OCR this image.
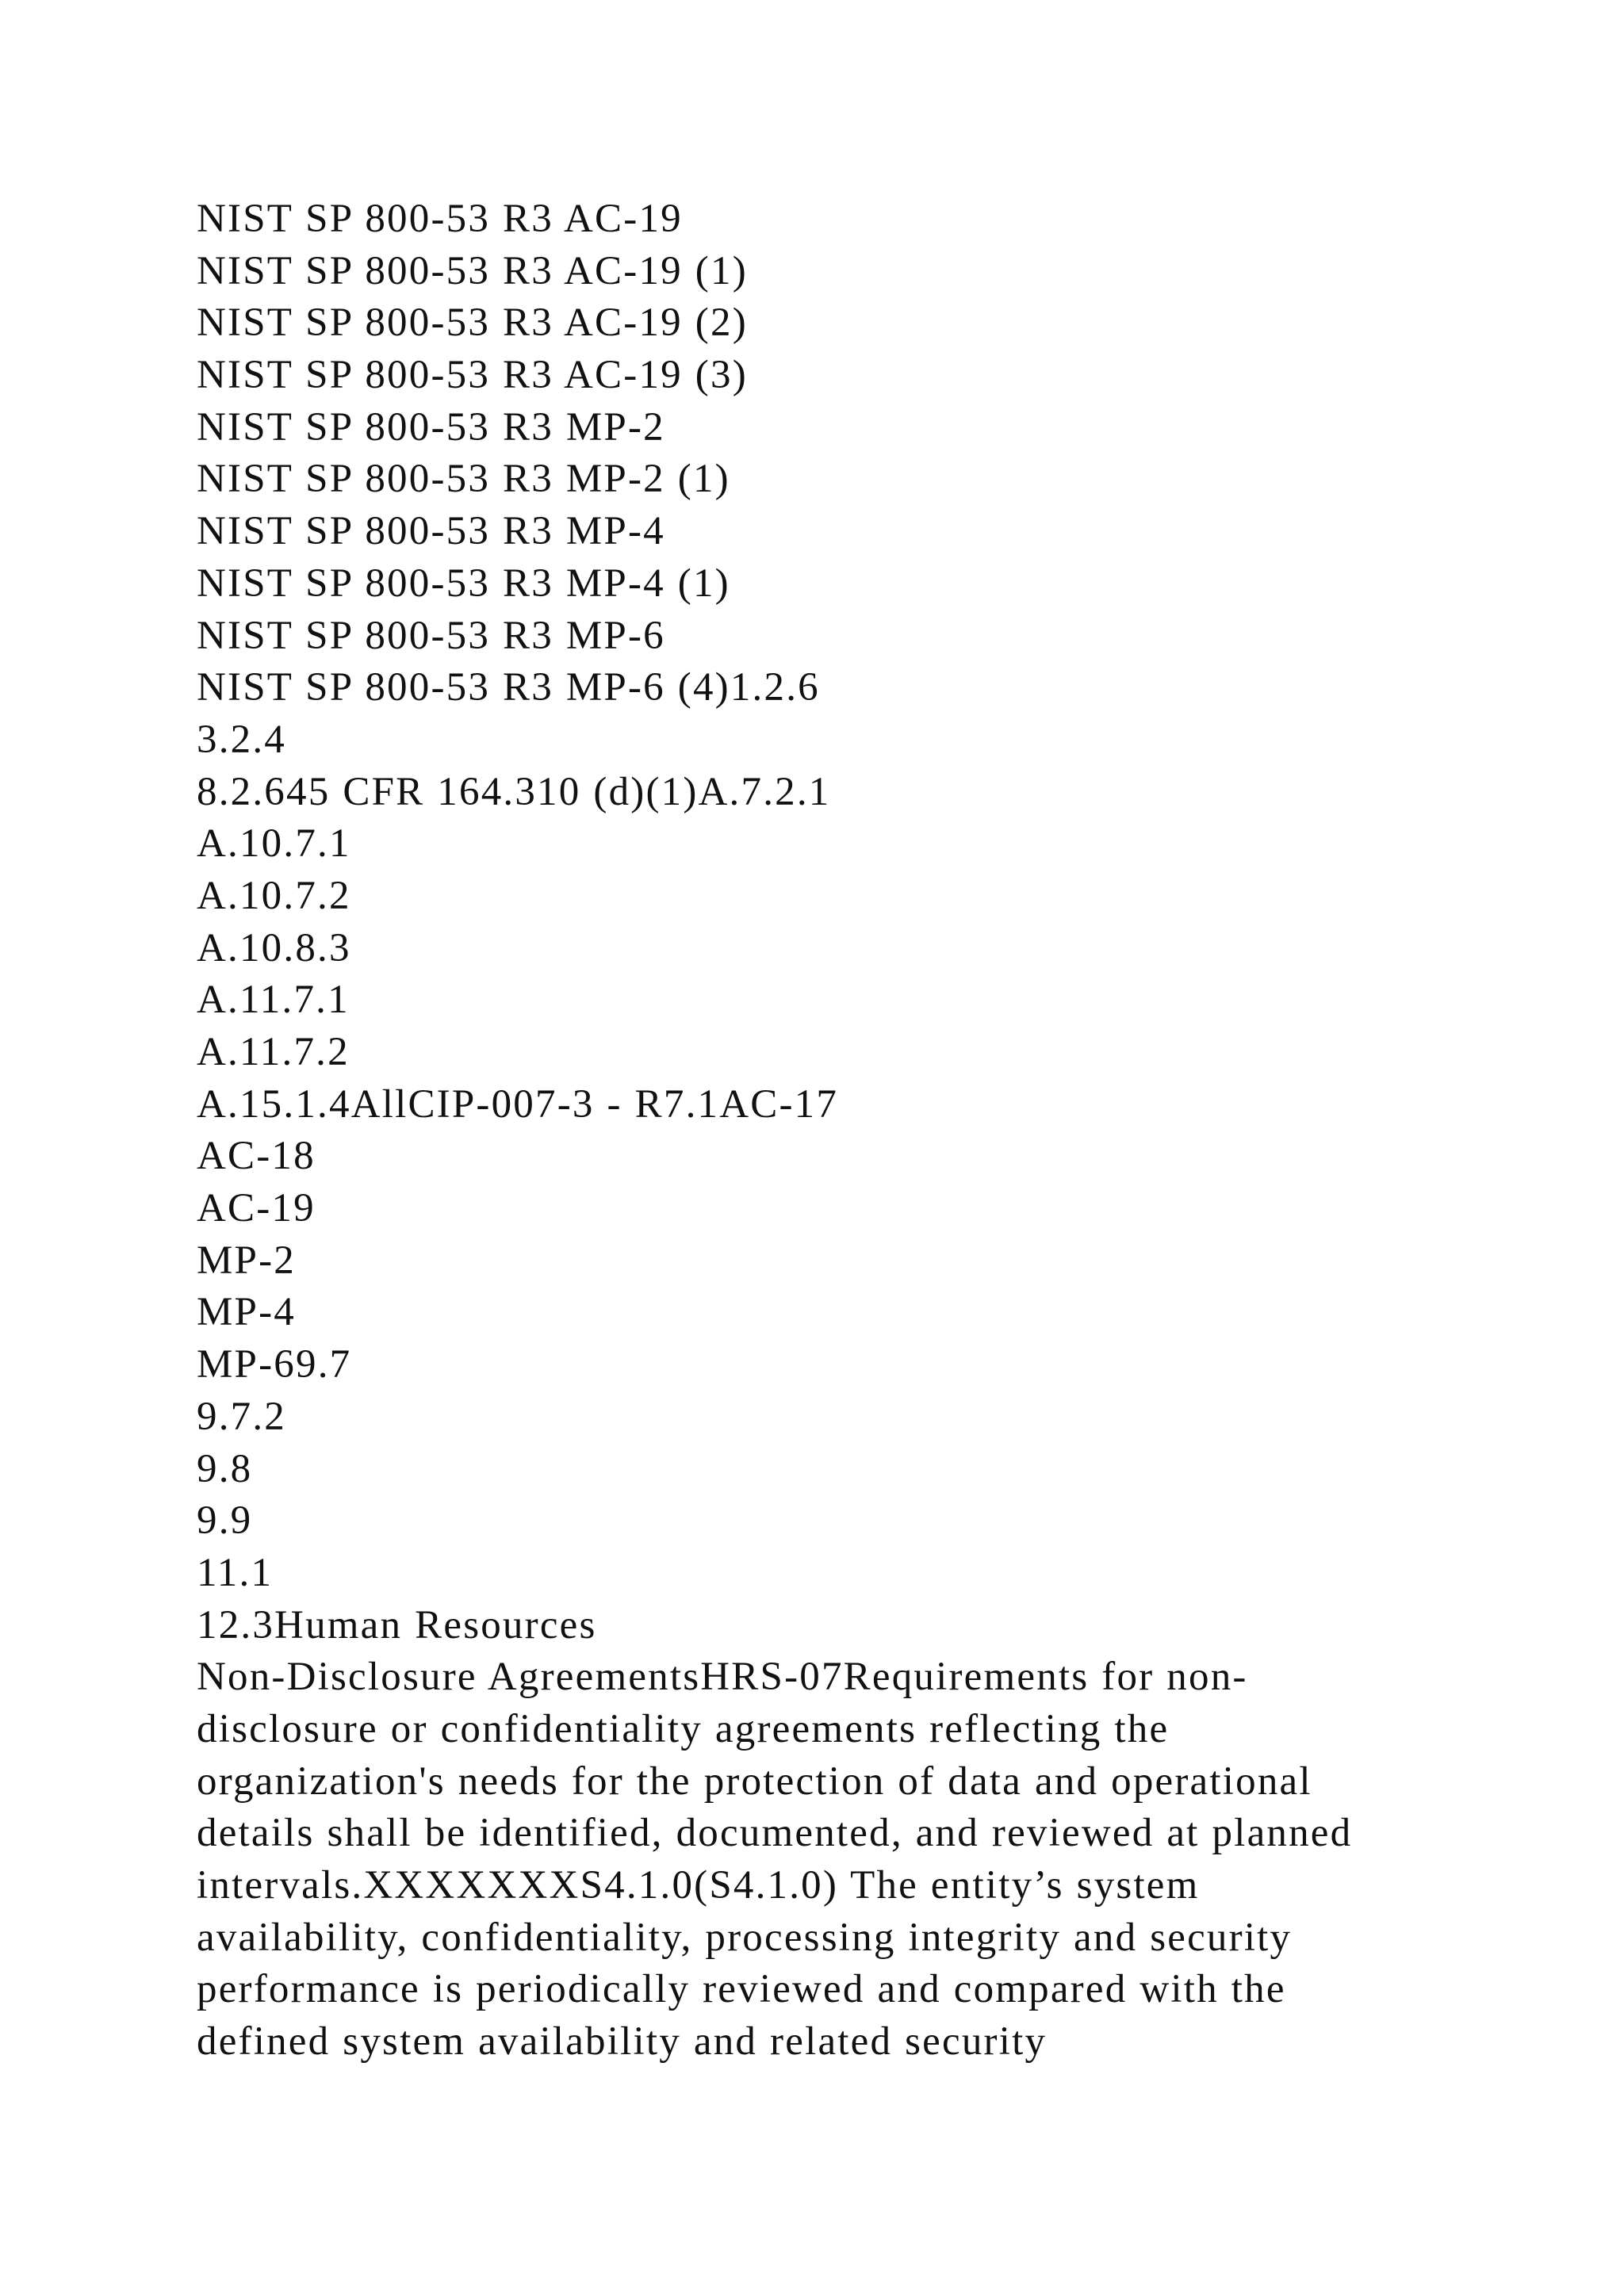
NIST SP 800-53 R3 AC-19
NIST SP 800-53 R3 AC-19 (1)
NIST SP 800-53 R3 AC-19 (2)
NIST SP 800-53 R3 AC-19 (3)
NIST SP 800-53 R3 MP-2
NIST SP 800-53 R3 MP-2 (1)
NIST SP 800-53 R3 MP-4
NIST SP 800-53 R3 MP-4 (1)
NIST SP 800-53 R3 MP-6
NIST SP 800-53 R3 MP-6 (4)1.2.6
3.2.4
8.2.645 CFR 164.310 (d)(1)A.7.2.1
A.10.7.1
A.10.7.2
A.10.8.3
A.11.7.1
A.11.7.2
A.15.1.4AllCIP-007-3 - R7.1AC-17
AC-18
AC-19
MP-2
MP-4
MP-69.7
9.7.2
9.8
9.9
11.1
12.3Human Resources
Non-Disclosure AgreementsHRS-07Requirements for non-
disclosure or confidentiality agreements reflecting the
organization's needs for the protection of data and operational
details shall be identified, documented, and reviewed at planned
intervals.XXXXXXXS4.1.0(S4.1.0) The entity’s system
availability, confidentiality, processing integrity and security
performance is periodically reviewed and compared with the
defined system availability and related security
